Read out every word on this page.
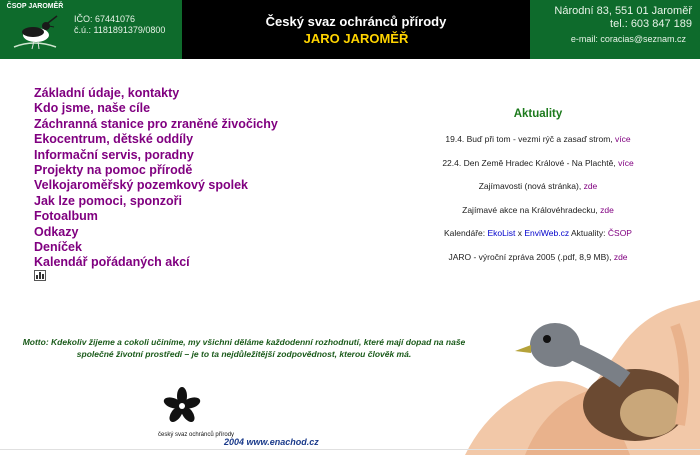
ČSOP JAROMĚŘ
IČO: 67441076
č.ú.: 1181891379/0800
Český svaz ochránců přírody
JARO JAROMĚŘ
Národní 83, 551 01 Jaroměř
tel.: 603 847 189
e-mail: coracias@seznam.cz
Základní údaje, kontakty
Kdo jsme, naše cíle
Záchranná stanice pro zraněné živočichy
Ekocentrum, dětské oddíly
Informační servis, poradny
Projekty na pomoc přírodě
Velkojaroměřský pozemkový spolek
Jak lze pomoci, sponzoři
Fotoalbum
Odkazy
Deníček
Kalendář pořádaných akcí
Aktuality
19.4. Buď při tom - vezmi rýč a zasaď strom, více
22.4. Den Země Hradec Králové - Na Plachtě, více
Zajímavosti (nová stránka), zde
Zajímavé akce na Královéhradecku, zde
Kalendáře: EkoList x EnviWeb.cz Aktuality: ČSOP
JARO - výroční zpráva 2005 (.pdf, 8,9 MB), zde

Motto: Kdekoliv žijeme a cokoli učiníme, my všichni děláme každodenní rozhodnutí, které mají dopad na naše společné životní prostředí – je to ta nejdůležitější zodpovědnost, kterou člověk má.

český svaz ochránců přírody
2004 www.enachod.cz
